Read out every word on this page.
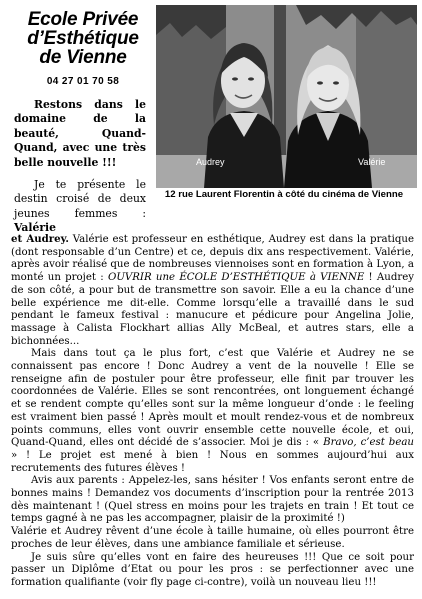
Ecole Privée
d’Esthétique
de Vienne
04 27 01 70 58
Audrey	Valérie
12 rue Laurent Florentin à côté du cinéma de Vienne

Restons dans le domaine de la beauté, Quand-Quand, avec une très belle nouvelle !!!

Je te présente le destin croisé de deux jeunes femmes : Valérie

et Audrey. Valérie est professeur en esthétique, Audrey est dans la pratique (dont responsable d’un Centre) et ce, depuis dix ans respectivement. Valérie, après avoir réalisé que de nombreuses viennoises sont en formation à Lyon, a monté un projet : OUVRIR une ÉCOLE D’ESTHÉTIQUE à VIENNE ! Audrey de son côté, a pour but de transmettre son savoir. Elle a eu la chance d’une belle expérience me dit-elle. Comme lorsqu’elle a travaillé dans le sud pendant le fameux festival : manucure et pédicure pour Angelina Jolie, massage à Calista Flockhart allias Ally McBeal, et autres stars, elle a bichonnées...

Mais dans tout ça le plus fort, c’est que Valérie et Audrey ne se connaissent pas encore ! Donc Audrey a vent de la nouvelle ! Elle se renseigne afin de postuler pour être professeur, elle finit par trouver les coordonnées de Valérie. Elles se sont rencontrées, ont longuement échangé et se rendent compte qu’elles sont sur la même longueur d’onde : le feeling est vraiment bien passé ! Après moult et moult rendez-vous et de nombreux points communs, elles vont ouvrir ensemble cette nouvelle école, et oui, Quand-Quand, elles ont décidé de s’associer. Moi je dis : « Bravo, c’est beau » ! Le projet est mené à bien ! Nous en sommes aujourd’hui aux recrutements des futures élèves !

Avis aux parents : Appelez-les, sans hésiter ! Vos enfants seront entre de bonnes mains ! Demandez vos documents d’inscription pour la rentrée 2013 dès maintenant ! (Quel stress en moins pour les trajets en train ! Et tout ce temps gagné à ne pas les accompagner, plaisir de la proximité !)

Valérie et Audrey rêvent d’une école à taille humaine, où elles pourront être proches de leur élèves, dans une ambiance familiale et sérieuse.

Je suis sûre qu’elles vont en faire des heureuses !!! Que ce soit pour passer un Diplôme d’Etat ou pour les pros : se perfectionner avec une formation qualifiante (voir fly page ci-contre), voilà un nouveau lieu !!!
